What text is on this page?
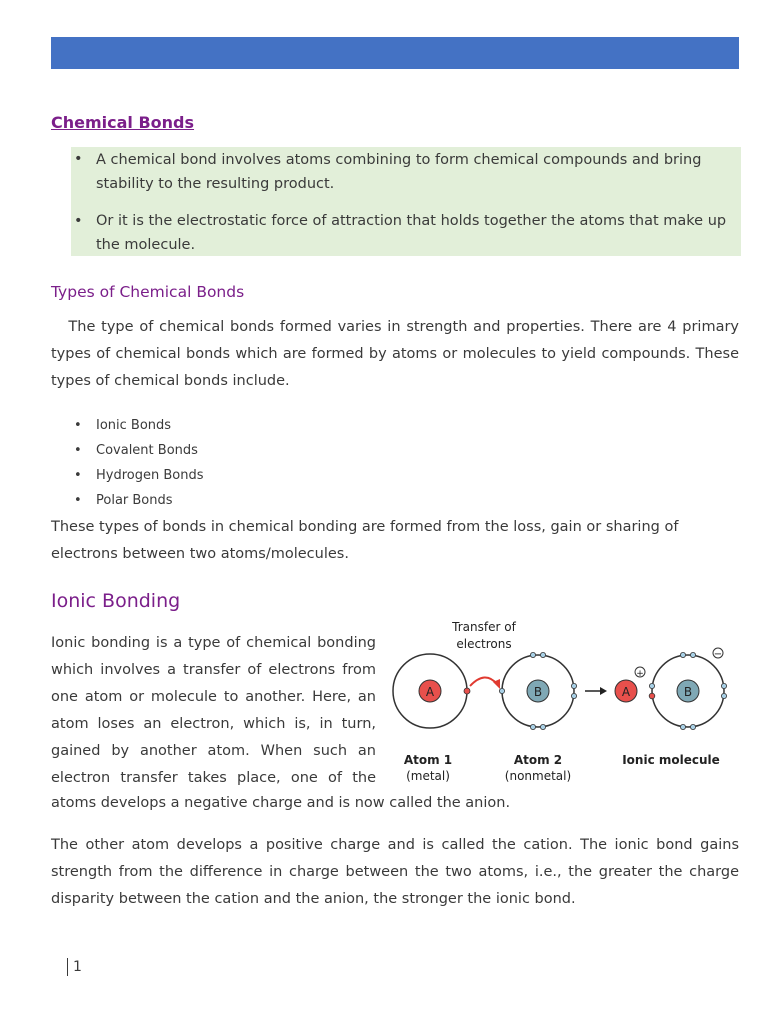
Chemical Bonds
• A chemical bond involves atoms combining to form chemical compounds and bring stability to the resulting product.
• Or it is the electrostatic force of attraction that holds together the atoms that make up the molecule.
Types of Chemical Bonds

The type of chemical bonds formed varies in strength and properties. There are 4 primary types of chemical bonds which are formed by atoms or molecules to yield compounds. These types of chemical bonds include.

• Ionic Bonds
• Covalent Bonds
• Hydrogen Bonds
• Polar Bonds

These types of bonds in chemical bonding are formed from the loss, gain or sharing of electrons between two atoms/molecules.

Ionic Bonding

Ionic bonding is a type of chemical bonding which involves a transfer of electrons from one atom or molecule to another. Here, an atom loses an electron, which is, in turn, gained by another atom. When such an electron transfer takes place, one of the

Transfer of
electrons
A	B	A
+
B
−
Atom 1
(metal)
Atom 2
(nonmetal)
Ionic molecule

atoms develops a negative charge and is now called the anion.

The other atom develops a positive charge and is called the cation. The ionic bond gains strength from the difference in charge between the two atoms, i.e., the greater the charge disparity between the cation and the anion, the stronger the ionic bond.

1
